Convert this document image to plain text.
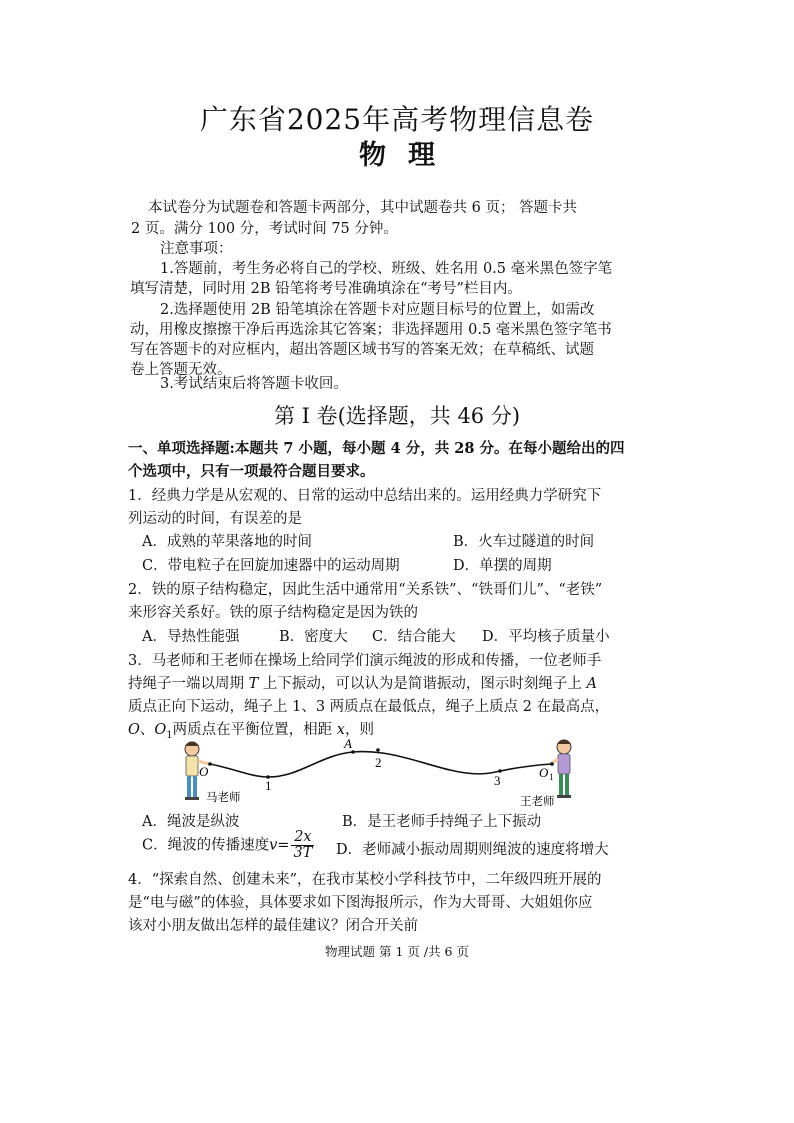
广东省2025年高考物理信息卷
物理
本试卷分为试题卷和答题卡两部分，其中试题卷共 6 页； 答题卡共
2 页。满分 100 分，考试时间 75 分钟。
注意事项：
1.答题前，考生务必将自己的学校、班级、姓名用 0.5 毫米黑色签字笔
填写清楚，同时用 2B 铅笔将考号准确填涂在“考号”栏目内。
2.选择题使用 2B 铅笔填涂在答题卡对应题目标号的位置上，如需改
动，用橡皮擦擦干净后再选涂其它答案；非选择题用 0.5 毫米黑色签字笔书
写在答题卡的对应框内，超出答题区域书写的答案无效；在草稿纸、试题
卷上答题无效。
3.考试结束后将答题卡收回。
第 I 卷(选择题，共 46 分)
一、单项选择题:本题共 7 小题，每小题 4 分，共 28 分。在每小题给出的四
个选项中，只有一项最符合题目要求。
1．经典力学是从宏观的、日常的运动中总结出来的。运用经典力学研究下
列运动的时间，有误差的是
A．成熟的苹果落地的时间	B．火车过隧道的时间
C．带电粒子在回旋加速器中的运动周期	D．单摆的周期
2．铁的原子结构稳定，因此生活中通常用“关系铁”、“铁哥们儿”、“老铁”
来形容关系好。铁的原子结构稳定是因为铁的
A．导热性能强	B．密度大 C．结合能大 D．平均核子质量小
3．马老师和王老师在操场上给同学们演示绳波的形成和传播，一位老师手
持绳子一端以周期 T 上下振动，可以认为是简谐振动，图示时刻绳子上 A
质点正向下运动，绳子上 1、3 两质点在最低点，绳子上质点 2 在最高点，
O、$O_1$两质点在平衡位置，相距 x，则
O
1
A
2
3
O 1
马老师	王老师
A．绳波是纵波	B．是王老师手持绳子上下振动
C．绳波的传播速度$v= \frac{2x}{3T}$ D．老师减小振动周期则绳波的速度将增大
4．“探索自然、创建未来”，在我市某校小学科技节中，二年级四班开展的
是“电与磁”的体验，具体要求如下图海报所示，作为大哥哥、大姐姐你应
该对小朋友做出怎样的最佳建议？闭合开关前
物理试题 第 1 页 /共 6 页
